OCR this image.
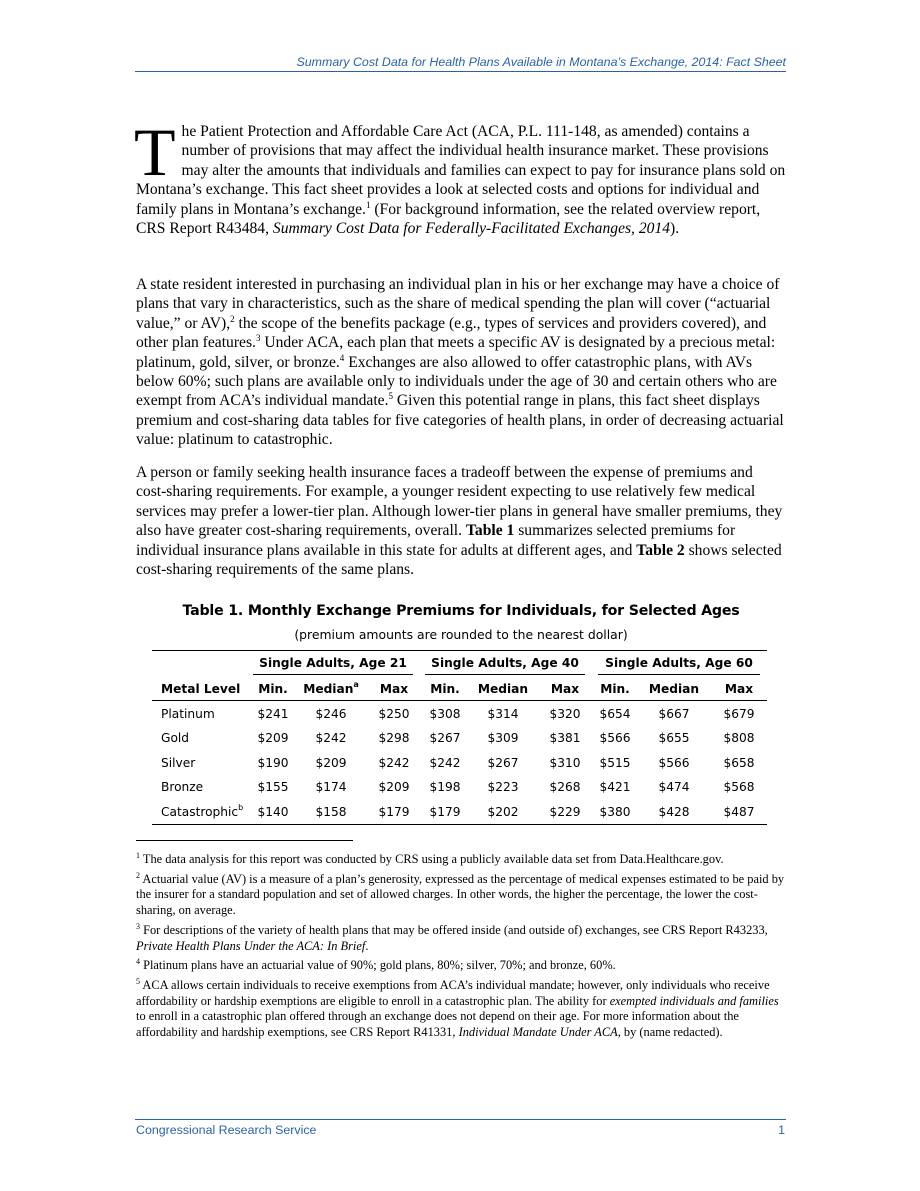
Summary Cost Data for Health Plans Available in Montana’s Exchange, 2014: Fact Sheet

The Patient Protection and Affordable Care Act (ACA, P.L. 111-148, as amended) contains a number of provisions that may affect the individual health insurance market. These provisions may alter the amounts that individuals and families can expect to pay for insurance plans sold on Montana’s exchange. This fact sheet provides a look at selected costs and options for individual and family plans in Montana’s exchange.$^1$ (For background information, see the related overview report, CRS Report R43484, Summary Cost Data for Federally-Facilitated Exchanges, 2014).

A state resident interested in purchasing an individual plan in his or her exchange may have a choice of plans that vary in characteristics, such as the share of medical spending the plan will cover (“actuarial value,” or AV),$^2$ the scope of the benefits package (e.g., types of services and providers covered), and other plan features.$^3$ Under ACA, each plan that meets a specific AV is designated by a precious metal: platinum, gold, silver, or bronze.$^4$ Exchanges are also allowed to offer catastrophic plans, with AVs below 60%; such plans are available only to individuals under the age of 30 and certain others who are exempt from ACA’s individual mandate.$^5$ Given this potential range in plans, this fact sheet displays premium and cost-sharing data tables for five categories of health plans, in order of decreasing actuarial value: platinum to catastrophic.

A person or family seeking health insurance faces a tradeoff between the expense of premiums and cost-sharing requirements. For example, a younger resident expecting to use relatively few medical services may prefer a lower-tier plan. Although lower-tier plans in general have smaller premiums, they also have greater cost-sharing requirements, overall. Table 1 summarizes selected premiums for individual insurance plans available in this state for adults at different ages, and Table 2 shows selected cost-sharing requirements of the same plans.

Table 1. Monthly Exchange Premiums for Individuals, for Selected Ages
(premium amounts are rounded to the nearest dollar)
Single Adults, Age 21	Single Adults, Age 40	Single Adults, Age 60
Metal Level	Min.	Median$^a$	Max	Min.	Median	Max	Min.	Median	Max
Platinum	$241	$246	$250	$308	$314	$320	$654	$667	$679
Gold	$209	$242	$298	$267	$309	$381	$566	$655	$808
Silver	$190	$209	$242	$242	$267	$310	$515	$566	$658
Bronze	$155	$174	$209	$198	$223	$268	$421	$474	$568
Catastrophic$^b$	$140	$158	$179	$179	$202	$229	$380	$428	$487
$^1$ The data analysis for this report was conducted by CRS using a publicly available data set from Data.Healthcare.gov.
$^2$ Actuarial value (AV) is a measure of a plan’s generosity, expressed as the percentage of medical expenses estimated to be paid by the insurer for a standard population and set of allowed charges. In other words, the higher the percentage, the lower the cost-sharing, on average.
$^3$ For descriptions of the variety of health plans that may be offered inside (and outside of) exchanges, see CRS Report R43233, Private Health Plans Under the ACA: In Brief.
$^4$ Platinum plans have an actuarial value of 90%; gold plans, 80%; silver, 70%; and bronze, 60%.
$^5$ ACA allows certain individuals to receive exemptions from ACA’s individual mandate; however, only individuals who receive affordability or hardship exemptions are eligible to enroll in a catastrophic plan. The ability for exempted individuals and families to enroll in a catastrophic plan offered through an exchange does not depend on their age. For more information about the affordability and hardship exemptions, see CRS Report R41331, Individual Mandate Under ACA, by (name redacted).
Congressional Research Service	1
